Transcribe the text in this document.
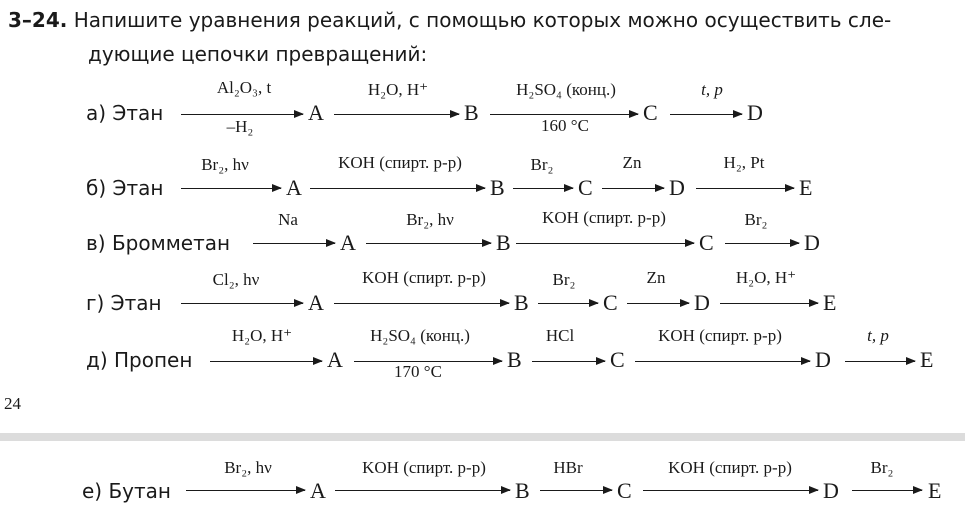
3–24. Напишите уравнения реакций, с помощью которых можно осуществить сле-
дующие цепочки превращений:
а) Этан
Al₂O₃, t
–H₂
A
H₂O, H⁺
B
H₂SO₄ (конц.)
160 °C
C
t, p
D
б) Этан
Br₂, hν
A
KOH (спирт. р-р)
B
Br₂
→ C
Zn
→ D
H₂, Pt
E
в) Бромметан
Na
A
Br₂, hν
B
KOH (спирт. р-р)
C
Br₂
D
г) Этан
Cl₂, hν
A
KOH (спирт. р-р)
B
Br₂
→ C
Zn
→ D
H₂O, H⁺
E
д) Пропен
H₂O, H⁺
A
H₂SO₄ (конц.)
170 °C	B
HCl
C
KOH (спирт. р-р)
D
t, p
E
24
е) Бутан
Br₂, hν
A
KOH (спирт. р-р)
B
HBr
C
KOH (спирт. р-р)
D
Br₂
E
